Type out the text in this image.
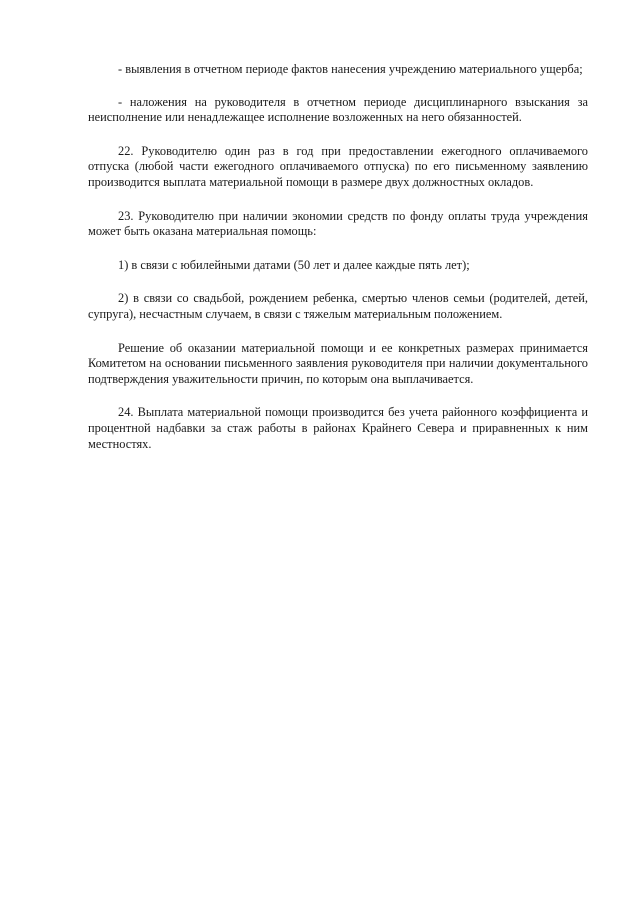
- выявления в отчетном периоде фактов нанесения учреждению материального ущерба;

- наложения на руководителя в отчетном периоде дисциплинарного взыскания за неисполнение или ненадлежащее исполнение возложенных на него обязанностей.

22. Руководителю один раз в год при предоставлении ежегодного оплачиваемого отпуска (любой части ежегодного оплачиваемого отпуска) по его письменному заявлению производится выплата материальной помощи в размере двух должностных окладов.

23. Руководителю при наличии экономии средств по фонду оплаты труда учреждения может быть оказана материальная помощь:

1) в связи с юбилейными датами (50 лет и далее каждые пять лет);

2) в связи со свадьбой, рождением ребенка, смертью членов семьи (родителей, детей, супруга), несчастным случаем, в связи с тяжелым материальным положением.

Решение об оказании материальной помощи и ее конкретных размерах принимается Комитетом на основании письменного заявления руководителя при наличии документального подтверждения уважительности причин, по которым она выплачивается.

24. Выплата материальной помощи производится без учета районного коэффициента и процентной надбавки за стаж работы в районах Крайнего Севера и приравненных к ним местностях.
